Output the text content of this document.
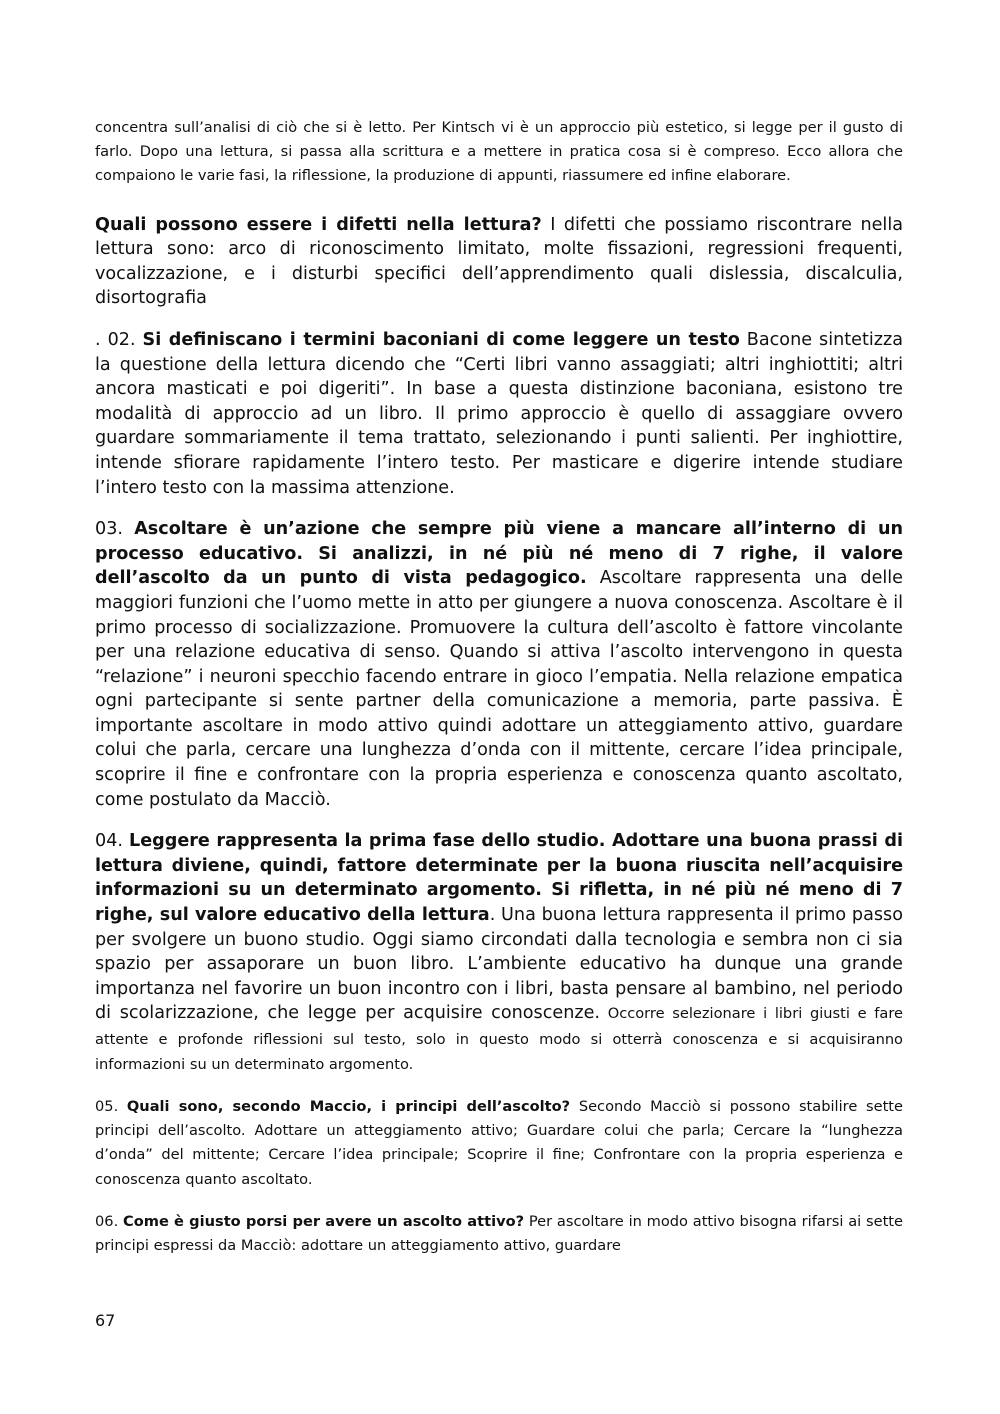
concentra sull’analisi di ciò che si è letto. Per Kintsch vi è un approccio più estetico, si legge per il gusto di farlo. Dopo una lettura, si passa alla scrittura e a mettere in pratica cosa si è compreso. Ecco allora che compaiono le varie fasi, la riflessione, la produzione di appunti, riassumere ed infine elaborare.

Quali possono essere i difetti nella lettura? I difetti che possiamo riscontrare nella lettura sono: arco di riconoscimento limitato, molte fissazioni, regressioni frequenti, vocalizzazione, e i disturbi specifici dell’apprendimento quali dislessia, discalculia, disortografia

. 02. Si definiscano i termini baconiani di come leggere un testo Bacone sintetizza la questione della lettura dicendo che “Certi libri vanno assaggiati; altri inghiottiti; altri ancora masticati e poi digeriti”. In base a questa distinzione baconiana, esistono tre modalità di approccio ad un libro. Il primo approccio è quello di assaggiare ovvero guardare sommariamente il tema trattato, selezionando i punti salienti. Per inghiottire, intende sfiorare rapidamente l’intero testo. Per masticare e digerire intende studiare l’intero testo con la massima attenzione.

03. Ascoltare è un’azione che sempre più viene a mancare all’interno di un processo educativo. Si analizzi, in né più né meno di 7 righe, il valore dell’ascolto da un punto di vista pedagogico. Ascoltare rappresenta una delle maggiori funzioni che l’uomo mette in atto per giungere a nuova conoscenza. Ascoltare è il primo processo di socializzazione. Promuovere la cultura dell’ascolto è fattore vincolante per una relazione educativa di senso. Quando si attiva l’ascolto intervengono in questa “relazione” i neuroni specchio facendo entrare in gioco l’empatia. Nella relazione empatica ogni partecipante si sente partner della comunicazione a memoria, parte passiva. È importante ascoltare in modo attivo quindi adottare un atteggiamento attivo, guardare colui che parla, cercare una lunghezza d’onda con il mittente, cercare l’idea principale, scoprire il fine e confrontare con la propria esperienza e conoscenza quanto ascoltato, come postulato da Macciò.

04. Leggere rappresenta la prima fase dello studio. Adottare una buona prassi di lettura diviene, quindi, fattore determinate per la buona riuscita nell’acquisire informazioni su un determinato argomento. Si rifletta, in né più né meno di 7 righe, sul valore educativo della lettura. Una buona lettura rappresenta il primo passo per svolgere un buono studio. Oggi siamo circondati dalla tecnologia e sembra non ci sia spazio per assaporare un buon libro. L’ambiente educativo ha dunque una grande importanza nel favorire un buon incontro con i libri, basta pensare al bambino, nel periodo di scolarizzazione, che legge per acquisire conoscenze. Occorre selezionare i libri giusti e fare attente e profonde riflessioni sul testo, solo in questo modo si otterrà conoscenza e si acquisiranno informazioni su un determinato argomento.

05. Quali sono, secondo Maccio, i principi dell’ascolto? Secondo Macciò si possono stabilire sette principi dell’ascolto. Adottare un atteggiamento attivo; Guardare colui che parla; Cercare la “lunghezza d’onda” del mittente; Cercare l’idea principale; Scoprire il fine; Confrontare con la propria esperienza e conoscenza quanto ascoltato.

06. Come è giusto porsi per avere un ascolto attivo? Per ascoltare in modo attivo bisogna rifarsi ai sette principi espressi da Macciò: adottare un atteggiamento attivo, guardare

67
